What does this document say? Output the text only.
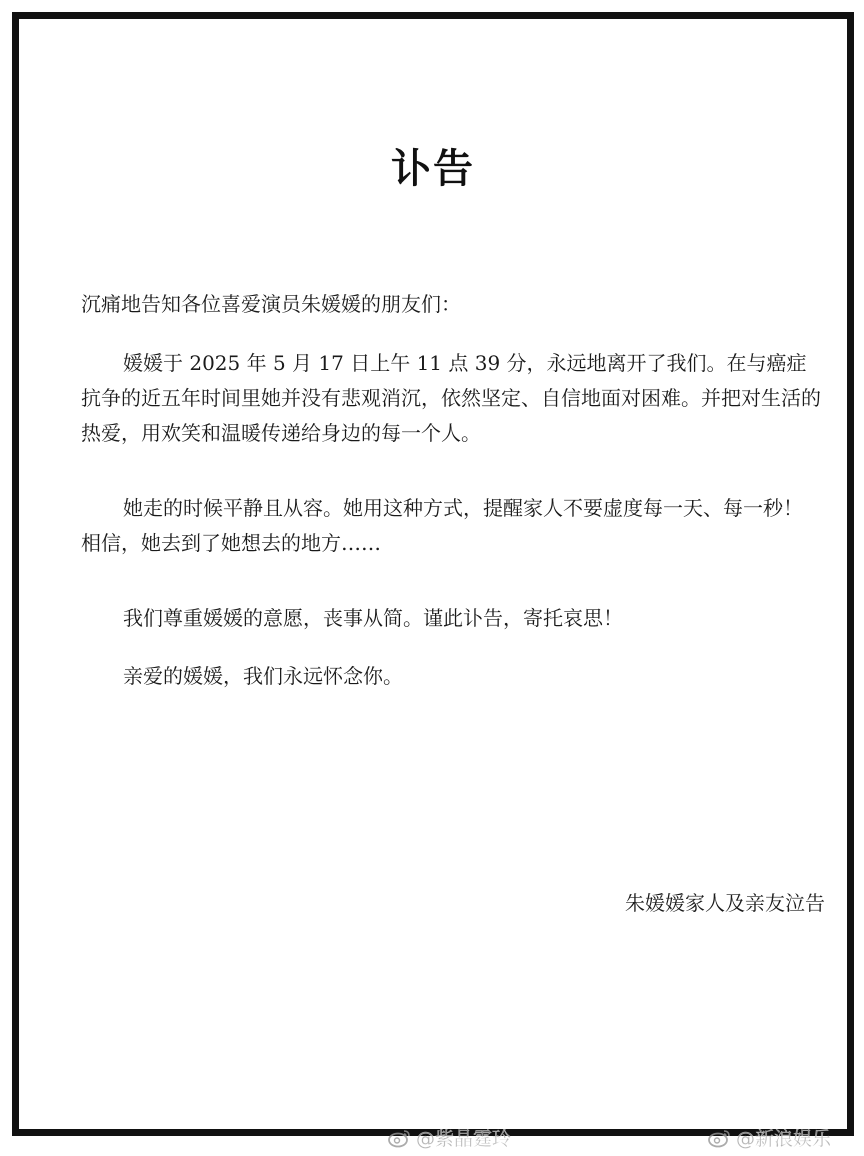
讣告

沉痛地告知各位喜爱演员朱媛媛的朋友们：

媛媛于 2025 年 5 月 17 日上午 11 点 39 分，永远地离开了我们。在与癌症抗争的近五年时间里她并没有悲观消沉，依然坚定、自信地面对困难。并把对生活的热爱，用欢笑和温暖传递给身边的每一个人。

她走的时候平静且从容。她用这种方式，提醒家人不要虚度每一天、每一秒！相信，她去到了她想去的地方……

我们尊重媛媛的意愿，丧事从简。谨此讣告，寄托哀思！

亲爱的媛媛，我们永远怀念你。

朱媛媛家人及亲友泣告
@紫晶霆玲	@新浪娱乐
